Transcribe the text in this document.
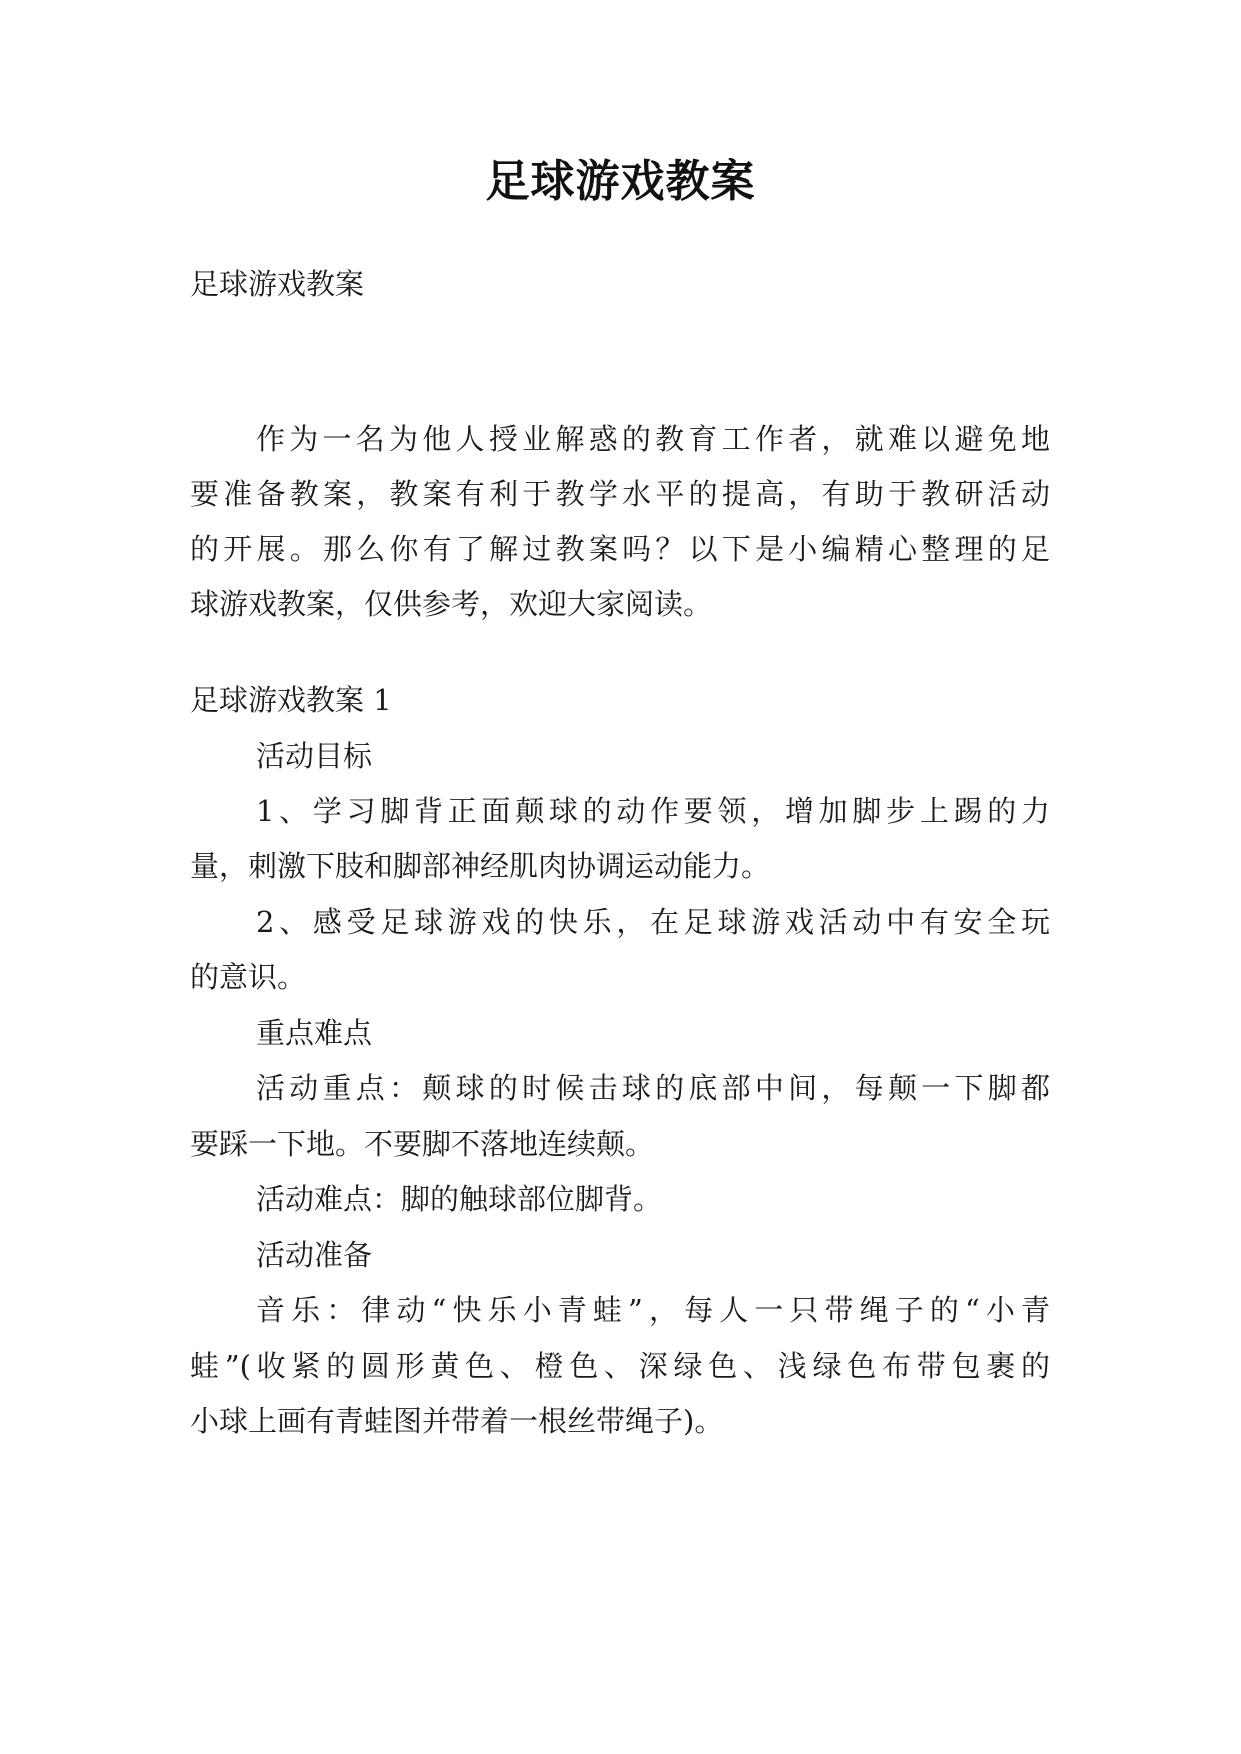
足球游戏教案
足球游戏教案
作为一名为他人授业解惑的教育工作者，就难以避免地
要准备教案，教案有利于教学水平的提高，有助于教研活动
的开展。那么你有了解过教案吗？以下是小编精心整理的足
球游戏教案，仅供参考，欢迎大家阅读。
足球游戏教案 1
活动目标
1、学习脚背正面颠球的动作要领，增加脚步上踢的力
量，刺激下肢和脚部神经肌肉协调运动能力。
2、感受足球游戏的快乐，在足球游戏活动中有安全玩
的意识。
重点难点
活动重点：颠球的时候击球的底部中间，每颠一下脚都
要踩一下地。不要脚不落地连续颠。
活动难点：脚的触球部位脚背。
活动准备
音乐：律动“快乐小青蛙”，每人一只带绳子的“小青
蛙”(收紧的圆形黄色、橙色、深绿色、浅绿色布带包裹的
小球上画有青蛙图并带着一根丝带绳子)。
